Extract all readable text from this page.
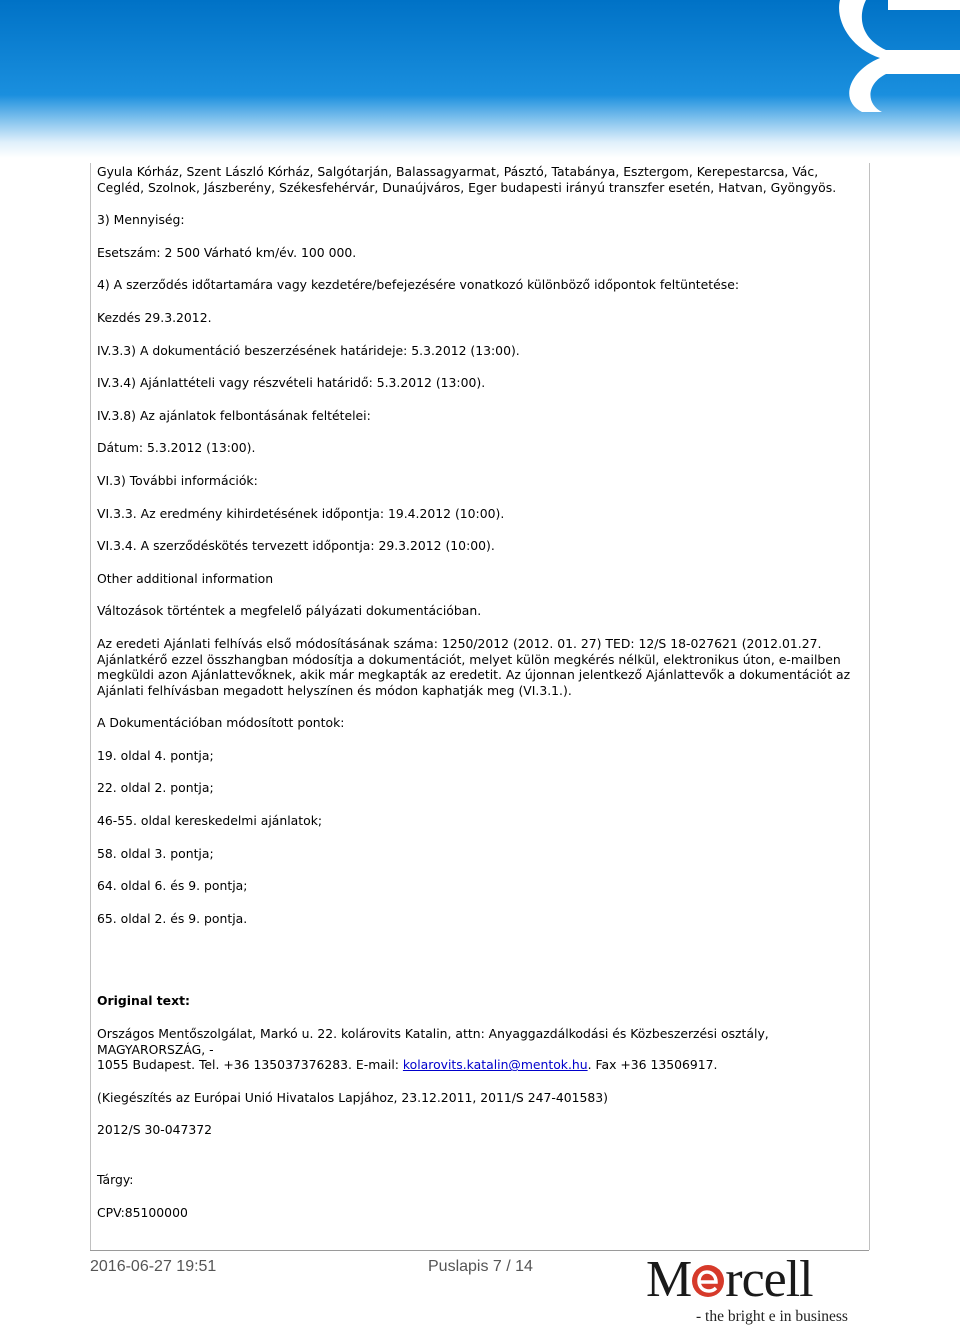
Gyula Kórház, Szent László Kórház, Salgótarján, Balassagyarmat, Pásztó, Tatabánya, Esztergom, Kerepestarcsa, Vác, Cegléd, Szolnok, Jászberény, Székesfehérvár, Dunaújváros, Eger budapesti irányú transzfer esetén, Hatvan, Gyöngyös.

3) Mennyiség:

Esetszám: 2 500 Várható km/év. 100 000.

4) A szerződés időtartamára vagy kezdetére/befejezésére vonatkozó különböző időpontok feltüntetése:

Kezdés 29.3.2012.

IV.3.3) A dokumentáció beszerzésének határideje: 5.3.2012 (13:00).

IV.3.4) Ajánlattételi vagy részvételi határidő: 5.3.2012 (13:00).

IV.3.8) Az ajánlatok felbontásának feltételei:

Dátum: 5.3.2012 (13:00).

VI.3) További információk:

VI.3.3. Az eredmény kihirdetésének időpontja: 19.4.2012 (10:00).

VI.3.4. A szerződéskötés tervezett időpontja: 29.3.2012 (10:00).

Other additional information

Változások történtek a megfelelő pályázati dokumentációban.

Az eredeti Ajánlati felhívás első módosításának száma: 1250/2012 (2012. 01. 27) TED: 12/S 18-027621 (2012.01.27. Ajánlatkérő ezzel összhangban módosítja a dokumentációt, melyet külön megkérés nélkül, elektronikus úton, e-mailben megküldi azon Ajánlattevőknek, akik már megkapták az eredetit. Az újonnan jelentkező Ajánlattevők a dokumentációt az Ajánlati felhívásban megadott helyszínen és módon kaphatják meg (VI.3.1.).

A Dokumentációban módosított pontok:

19. oldal 4. pontja;

22. oldal 2. pontja;

46-55. oldal kereskedelmi ajánlatok;

58. oldal 3. pontja;

64. oldal 6. és 9. pontja;

65. oldal 2. és 9. pontja.

Original text:

Országos Mentőszolgálat, Markó u. 22. kolárovits Katalin, attn: Anyaggazdálkodási és Közbeszerzési osztály, MAGYARORSZÁG, -
1055 Budapest. Tel. +36 135037376283. E-mail: kolarovits.katalin@mentok.hu. Fax +36 13506917.

(Kiegészítés az Európai Unió Hivatalos Lapjához, 23.12.2011, 2011/S 247-401583)

2012/S 30-047372

Tárgy:

CPV:85100000

2016-06-27 19:51	Puslapis 7 / 14 M rcell
- the bright e in business
